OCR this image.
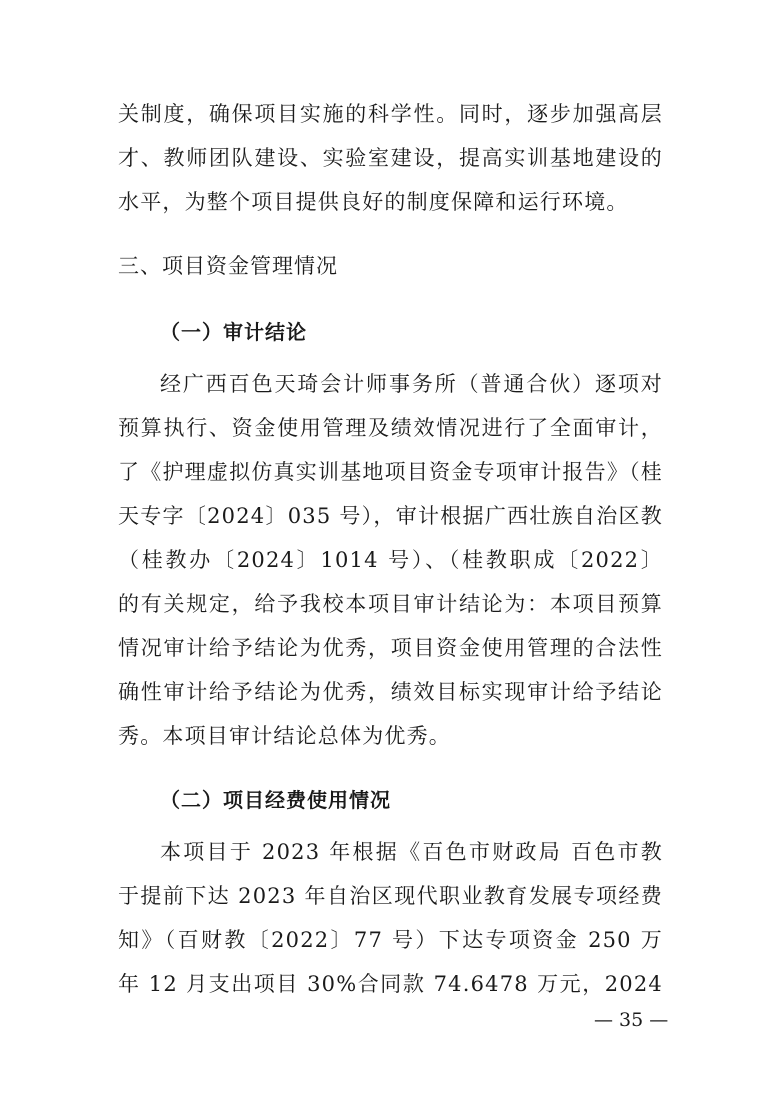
关制度，确保项目实施的科学性。同时，逐步加强高层
才、教师团队建设、实验室建设，提高实训基地建设的
水平，为整个项目提供良好的制度保障和运行环境。
三、项目资金管理情况
（一）审计结论
经广西百色天琦会计师事务所（普通合伙）逐项对
预算执行、资金使用管理及绩效情况进行了全面审计，
了《护理虚拟仿真实训基地项目资金专项审计报告》（桂
天专字〔2024〕035 号），审计根据广西壮族自治区教
（桂教办〔2024〕1014 号）、（桂教职成〔2022〕
的有关规定，给予我校本项目审计结论为：本项目预算
情况审计给予结论为优秀，项目资金使用管理的合法性
确性审计给予结论为优秀，绩效目标实现审计给予结论
秀。本项目审计结论总体为优秀。
（二）项目经费使用情况
本项目于 2023 年根据《百色市财政局 百色市教
于提前下达 2023 年自治区现代职业教育发展专项经费
知》（百财教〔2022〕77 号）下达专项资金 250 万
年 12 月支出项目 30%合同款 74.6478 万元，2024
— 35 —
